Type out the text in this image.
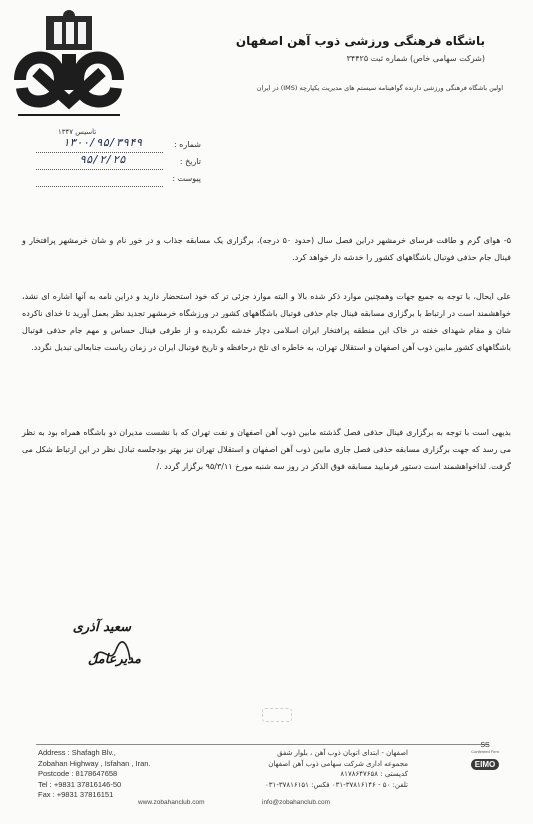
تاسیس ۱۳۴۷
باشگاه فرهنگی ورزشی ذوب آهن اصفهان
(شرکت سهامی خاص) شماره ثبت ۳۴۴۲۵
اولین باشگاه فرهنگی ورزشی دارنده گواهینامه سیستم های مدیریت یکپارچه (IMS) در ایران
شماره :
۱۳۰۰/۹۵/۳۹۴۹
تاریخ :
۹۵/۲/۲۵
پیوست :
۵- هوای گرم و طاقت فرسای خرمشهر دراین فصل سال (حدود ۵۰ درجه)، برگزاری یک مسابقه جذاب و در خور نام و شان خرمشهر پرافتخار و فینال جام حذفی فوتبال باشگاههای کشور را خدشه دار خواهد کرد.
علی ایحال، با توجه به جمیع جهات وهمچنین موارد ذکر شده بالا و البته موارد جزئی تر که خود استحضار دارید و دراین نامه به آنها اشاره ای نشد، خواهشمند است در ارتباط با برگزاری مسابقه فینال جام حذفی فوتبال باشگاههای کشور در ورزشگاه خرمشهر تجدید نظر بعمل آورید تا خدای ناکرده شان و مقام شهدای خفته در خاک این منطقه پرافتخار ایران اسلامی دچار خدشه نگردیده و از طرفی فینال حساس و مهم جام حذفی فوتبال باشگاههای کشور مابین ذوب آهن اصفهان و استقلال تهران، به خاطره ای تلخ درحافظه و تاریخ فوتبال ایران در زمان ریاست جنابعالی تبدیل نگردد.
بدیهی است با توجه به برگزاری فینال حذفی فصل گذشته مابین ذوب آهن اصفهان و نفت تهران که با نشست مدیران دو باشگاه همراه بود به نظر می رسد که جهت برگزاری مسابقه حذفی فصل جاری مابین ذوب آهن اصفهان و استقلال تهران نیز بهتر بودجلسه تبادل نظر در این ارتباط شکل می گرفت. لذاخواهشمند است دستور فرمایید مسابقه فوق الذکر در روز سه شنبه مورخ ۹۵/۳/۱۱ برگزار گردد ./
سعید آذری
مدیرعامل
Address : Shafagh Blv.,
Zobahan Highway , Isfahan , Iran.
Postcode : 8178647658
Tel : +9831 37816146-50
Fax : +9831 37816151
اصفهان - ابتدای اتوبان ذوب آهن ، بلوار شفق
مجموعه اداری شرکت سهامی ذوب آهن اصفهان
کدپستی : ۸۱۷۸۶۴۷۶۵۸
تلفن: ۵۰ - ۳۷۸۱۶۱۴۶-۰۳۱ فکس: ۳۷۸۱۶۱۵۱-۰۳۱
www.zobahanclub.com	info@zobahanclub.com
SS
Confirmed Firm
EIMO
